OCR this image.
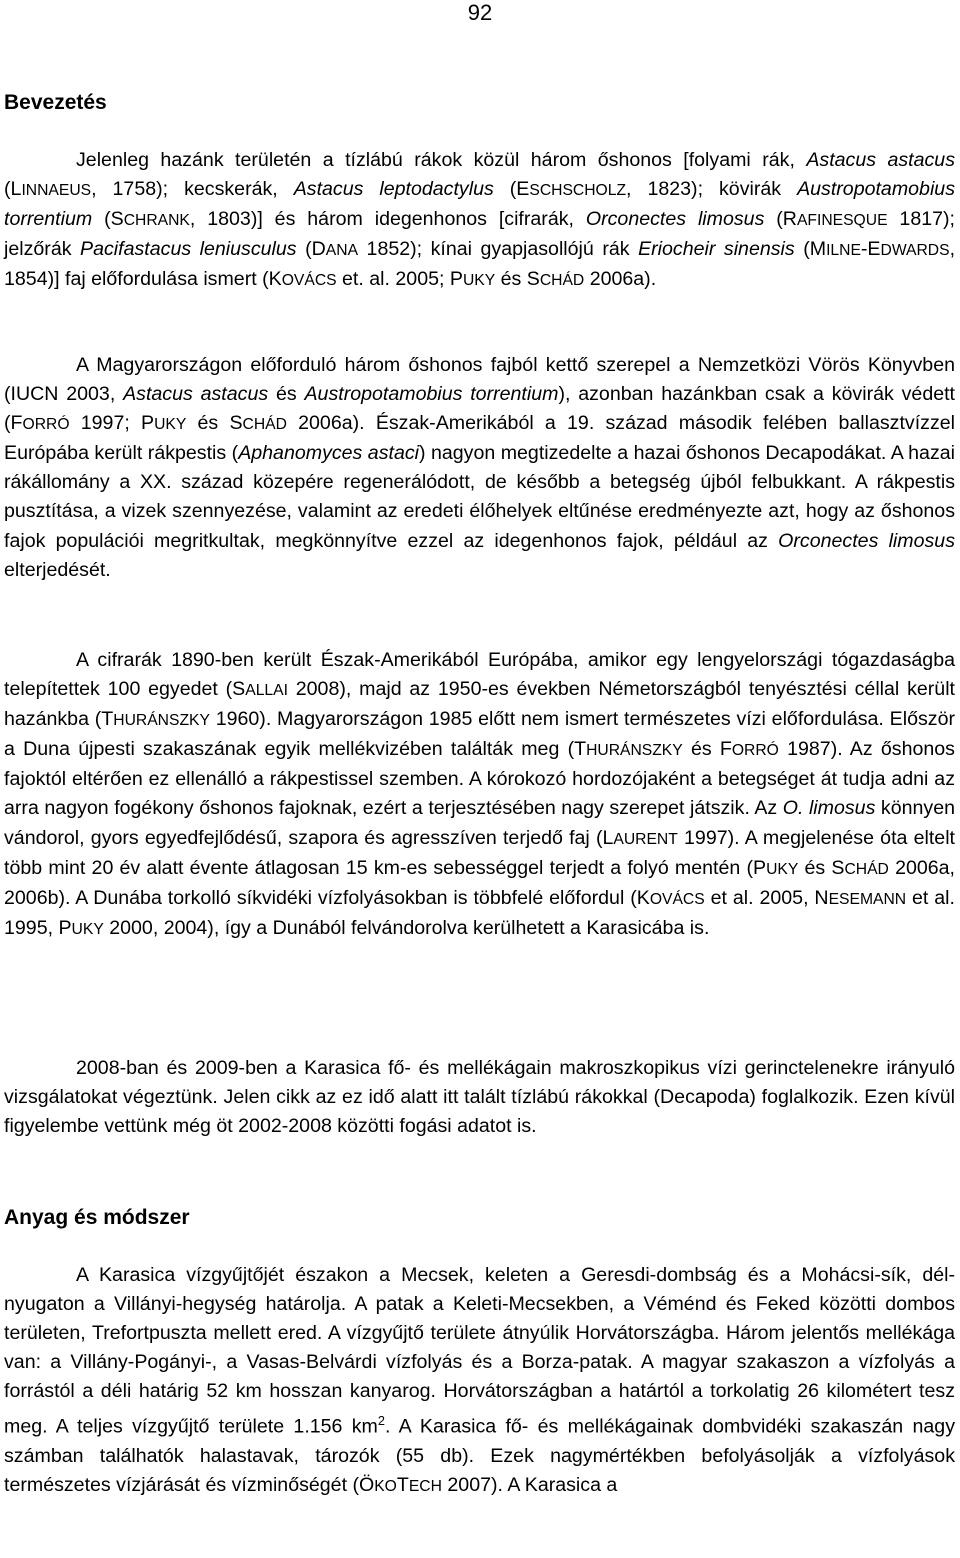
92
Bevezetés

Jelenleg hazánk területén a tízlábú rákok közül három őshonos [folyami rák, Astacus astacus (LINNAEUS, 1758); kecskerák, Astacus leptodactylus (ESCHSCHOLZ, 1823); kövirák Austropotamobius torrentium (SCHRANK, 1803)] és három idegenhonos [cifrarák, Orconectes limosus (RAFINESQUE 1817); jelzőrák Pacifastacus leniusculus (DANA 1852); kínai gyapjasollójú rák Eriocheir sinensis (MILNE-EDWARDS, 1854)] faj előfordulása ismert (KOVÁCS et. al. 2005; PUKY és SCHÁD 2006a).

A Magyarországon előforduló három őshonos fajból kettő szerepel a Nemzetközi Vörös Könyvben (IUCN 2003, Astacus astacus és Austropotamobius torrentium), azonban hazánkban csak a kövirák védett (FORRÓ 1997; PUKY és SCHÁD 2006a). Észak-Amerikából a 19. század második felében ballasztvízzel Európába került rákpestis (Aphanomyces astaci) nagyon megtizedelte a hazai őshonos Decapodákat. A hazai rákállomány a XX. század közepére regenerálódott, de később a betegség újból felbukkant. A rákpestis pusztítása, a vizek szennyezése, valamint az eredeti élőhelyek eltűnése eredményezte azt, hogy az őshonos fajok populációi megritkultak, megkönnyítve ezzel az idegenhonos fajok, például az Orconectes limosus elterjedését.

A cifrarák 1890-ben került Észak-Amerikából Európába, amikor egy lengyelországi tógazdaságba telepítettek 100 egyedet (SALLAI 2008), majd az 1950-es években Németországból tenyésztési céllal került hazánkba (THURÁNSZKY 1960). Magyarországon 1985 előtt nem ismert természetes vízi előfordulása. Először a Duna újpesti szakaszának egyik mellékvizében találták meg (THURÁNSZKY és FORRÓ 1987). Az őshonos fajoktól eltérően ez ellenálló a rákpestissel szemben. A kórokozó hordozójaként a betegséget át tudja adni az arra nagyon fogékony őshonos fajoknak, ezért a terjesztésében nagy szerepet játszik. Az O. limosus könnyen vándorol, gyors egyedfejlődésű, szapora és agresszíven terjedő faj (LAURENT 1997). A megjelenése óta eltelt több mint 20 év alatt évente átlagosan 15 km-es sebességgel terjedt a folyó mentén (PUKY és SCHÁD 2006a, 2006b). A Dunába torkolló síkvidéki vízfolyásokban is többfelé előfordul (KOVÁCS et al. 2005, NESEMANN et al. 1995, PUKY 2000, 2004), így a Dunából felvándorolva kerülhetett a Karasicába is.

2008-ban és 2009-ben a Karasica fő- és mellékágain makroszkopikus vízi gerinctelenekre irányuló vizsgálatokat végeztünk. Jelen cikk az ez idő alatt itt talált tízlábú rákokkal (Decapoda) foglalkozik. Ezen kívül figyelembe vettünk még öt 2002-2008 közötti fogási adatot is.

Anyag és módszer

A Karasica vízgyűjtőjét északon a Mecsek, keleten a Geresdi-dombság és a Mohácsi-sík, dél-nyugaton a Villányi-hegység határolja. A patak a Keleti-Mecsekben, a Véménd és Feked közötti dombos területen, Trefortpuszta mellett ered. A vízgyűjtő területe átnyúlik Horvátországba. Három jelentős mellékága van: a Villány-Pogányi-, a Vasas-Belvárdi vízfolyás és a Borza-patak. A magyar szakaszon a vízfolyás a forrástól a déli határig 52 km hosszan kanyarog. Horvátországban a határtól a torkolatig 26 kilométert tesz meg. A teljes vízgyűjtő területe 1.156 $km^2$. A Karasica fő- és mellékágainak dombvidéki szakaszán nagy számban találhatók halastavak, tározók (55 db). Ezek nagymértékben befolyásolják a vízfolyások természetes vízjárását és vízminőségét (ÖKOTECH 2007). A Karasica a
